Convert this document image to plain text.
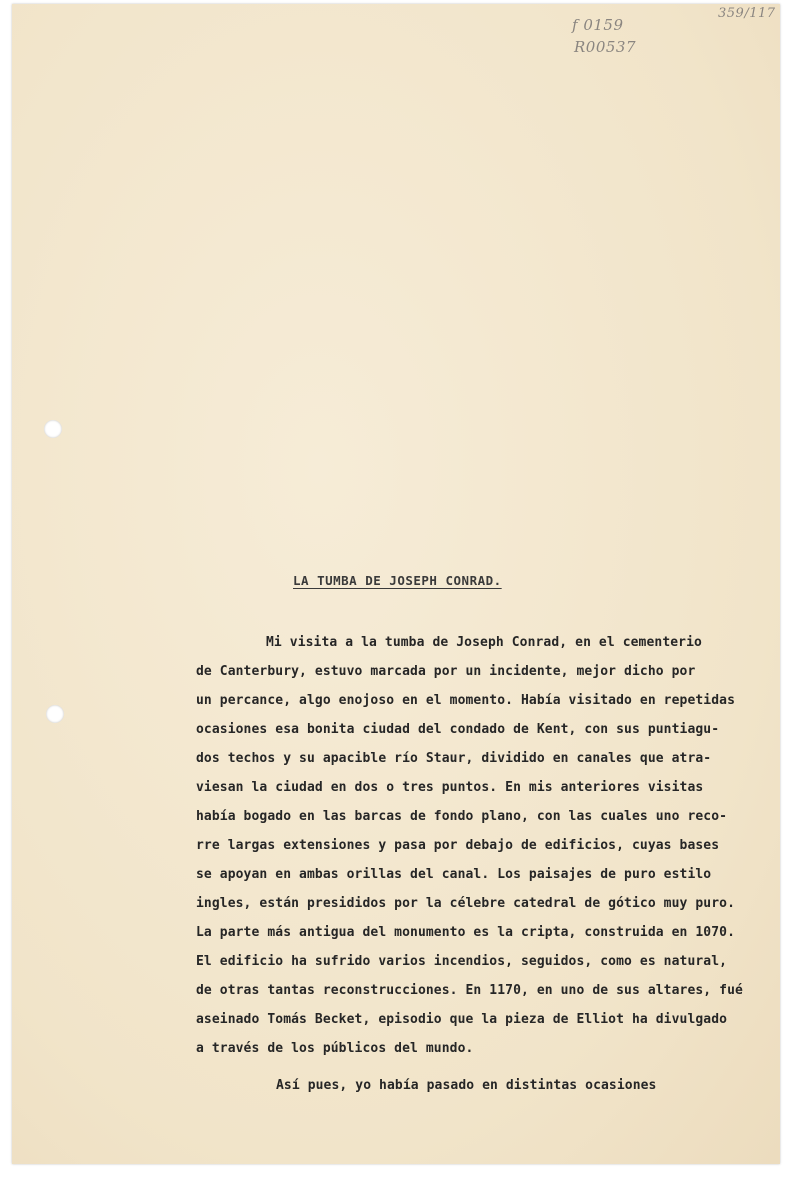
359/117
f 0159
R00537
LA TUMBA DE JOSEPH CONRAD.
Mi visita a la tumba de Joseph Conrad, en el cementerio
de Canterbury, estuvo marcada por un incidente, mejor dicho por
un percance, algo enojoso en el momento. Había visitado en repetidas
ocasiones esa bonita ciudad del condado de Kent, con sus puntiagu-
dos techos y su apacible río Staur, dividido en canales que atra-
viesan la ciudad en dos o tres puntos. En mis anteriores visitas
había bogado en las barcas de fondo plano, con las cuales uno reco-
rre largas extensiones y pasa por debajo de edificios, cuyas bases
se apoyan en ambas orillas del canal. Los paisajes de puro estilo
ingles, están presididos por la célebre catedral de gótico muy puro.
La parte más antigua del monumento es la cripta, construida en 1070.
El edificio ha sufrido varios incendios, seguidos, como es natural,
de otras tantas reconstrucciones. En 1170, en uno de sus altares, fué
aseinado Tomás Becket, episodio que la pieza de Elliot ha divulgado
a través de los públicos del mundo.
Así pues, yo había pasado en distintas ocasiones
